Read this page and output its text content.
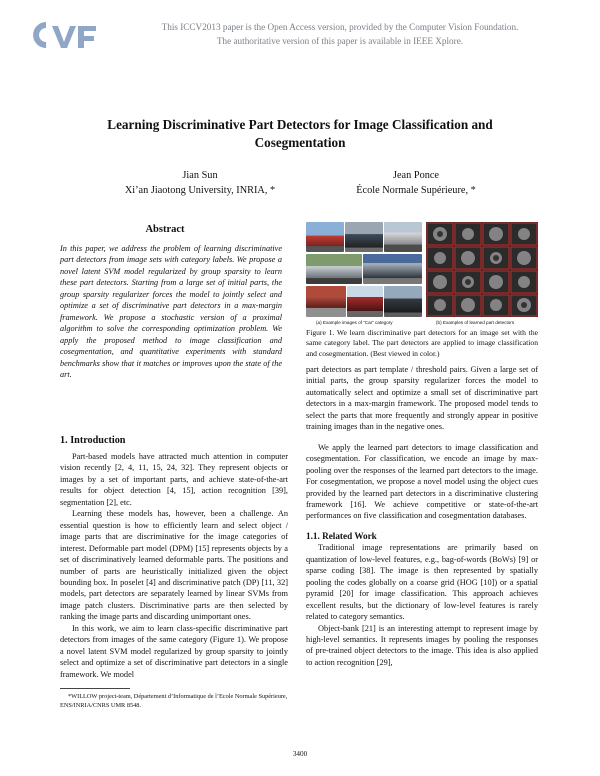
This ICCV2013 paper is the Open Access version, provided by the Computer Vision Foundation.
The authoritative version of this paper is available in IEEE Xplore.
Learning Discriminative Part Detectors for Image Classification and Cosegmentation
Jian Sun
Xi’an Jiaotong University, INRIA, *
Jean Ponce
École Normale Supérieure, *
Abstract
In this paper, we address the problem of learning discriminative part detectors from image sets with category labels. We propose a novel latent SVM model regularized by group sparsity to learn these part detectors. Starting from a large set of initial parts, the group sparsity regularizer forces the model to jointly select and optimize a set of discriminative part detectors in a max-margin framework. We propose a stochastic version of a proximal algorithm to solve the corresponding optimization problem. We apply the proposed method to image classification and cosegmentation, and quantitative experiments with standard benchmarks show that it matches or improves upon the state of the art.
1. Introduction

Part-based models have attracted much attention in computer vision recently [2, 4, 11, 15, 24, 32]. They represent objects or images by a set of important parts, and achieve state-of-the-art results for object detection [4, 15], action recognition [39], segmentation [2], etc.

Learning these models has, however, been a challenge. An essential question is how to efficiently learn and select object / image parts that are discriminative for the image categories of interest. Deformable part model (DPM) [15] represents objects by a set of discriminatively learned deformable parts. The positions and number of parts are heuristically initialized given the object bounding box. In poselet [4] and discriminative patch (DP) [11, 32] models, part detectors are separately learned by linear SVMs from image patch clusters. Discriminative parts are then selected by ranking the image parts and discarding unimportant ones.

In this work, we aim to learn class-specific discriminative part detectors from images of the same category (Figure 1). We propose a novel latent SVM model regularized by group sparsity to jointly select and optimize a set of discriminative part detectors in a single framework. We model

*WILLOW project-team, Département d’Informatique de l’Ecole Normale Supérieure, ENS/INRIA/CNRS UMR 8548.
(a) Example images of “Car” category	(b) Examples of learned part detectors
Figure 1. We learn discriminative part detectors for an image set with the same category label. The part detectors are applied to image classification and cosegmentation. (Best viewed in color.)

part detectors as part template / threshold pairs. Given a large set of initial parts, the group sparsity regularizer forces the model to automatically select and optimize a small set of discriminative part detectors in a max-margin framework. The proposed model tends to select the parts that more frequently and strongly appear in positive training images than in the negative ones.

We apply the learned part detectors to image classification and cosegmentation. For classification, we encode an image by max-pooling over the responses of the learned part detectors to the image. For cosegmentation, we propose a novel model using the object cues provided by the learned part detectors in a discriminative clustering framework [16]. We achieve competitive or state-of-the-art performances on five classification and cosegmentation databases.

1.1. Related Work

Traditional image representations are primarily based on quantization of low-level features, e.g., bag-of-words (BoWs) [9] or sparse coding [38]. The image is then represented by spatially pooling the codes globally on a coarse grid (HOG [10]) or a spatial pyramid [20] for image classification. This approach achieves excellent results, but the dictionary of low-level features is rarely related to category semantics.

Object-bank [21] is an interesting attempt to represent image by high-level semantics. It represents images by pooling the responses of pre-trained object detectors to the image. This idea is also applied to action recognition [29],

3400
